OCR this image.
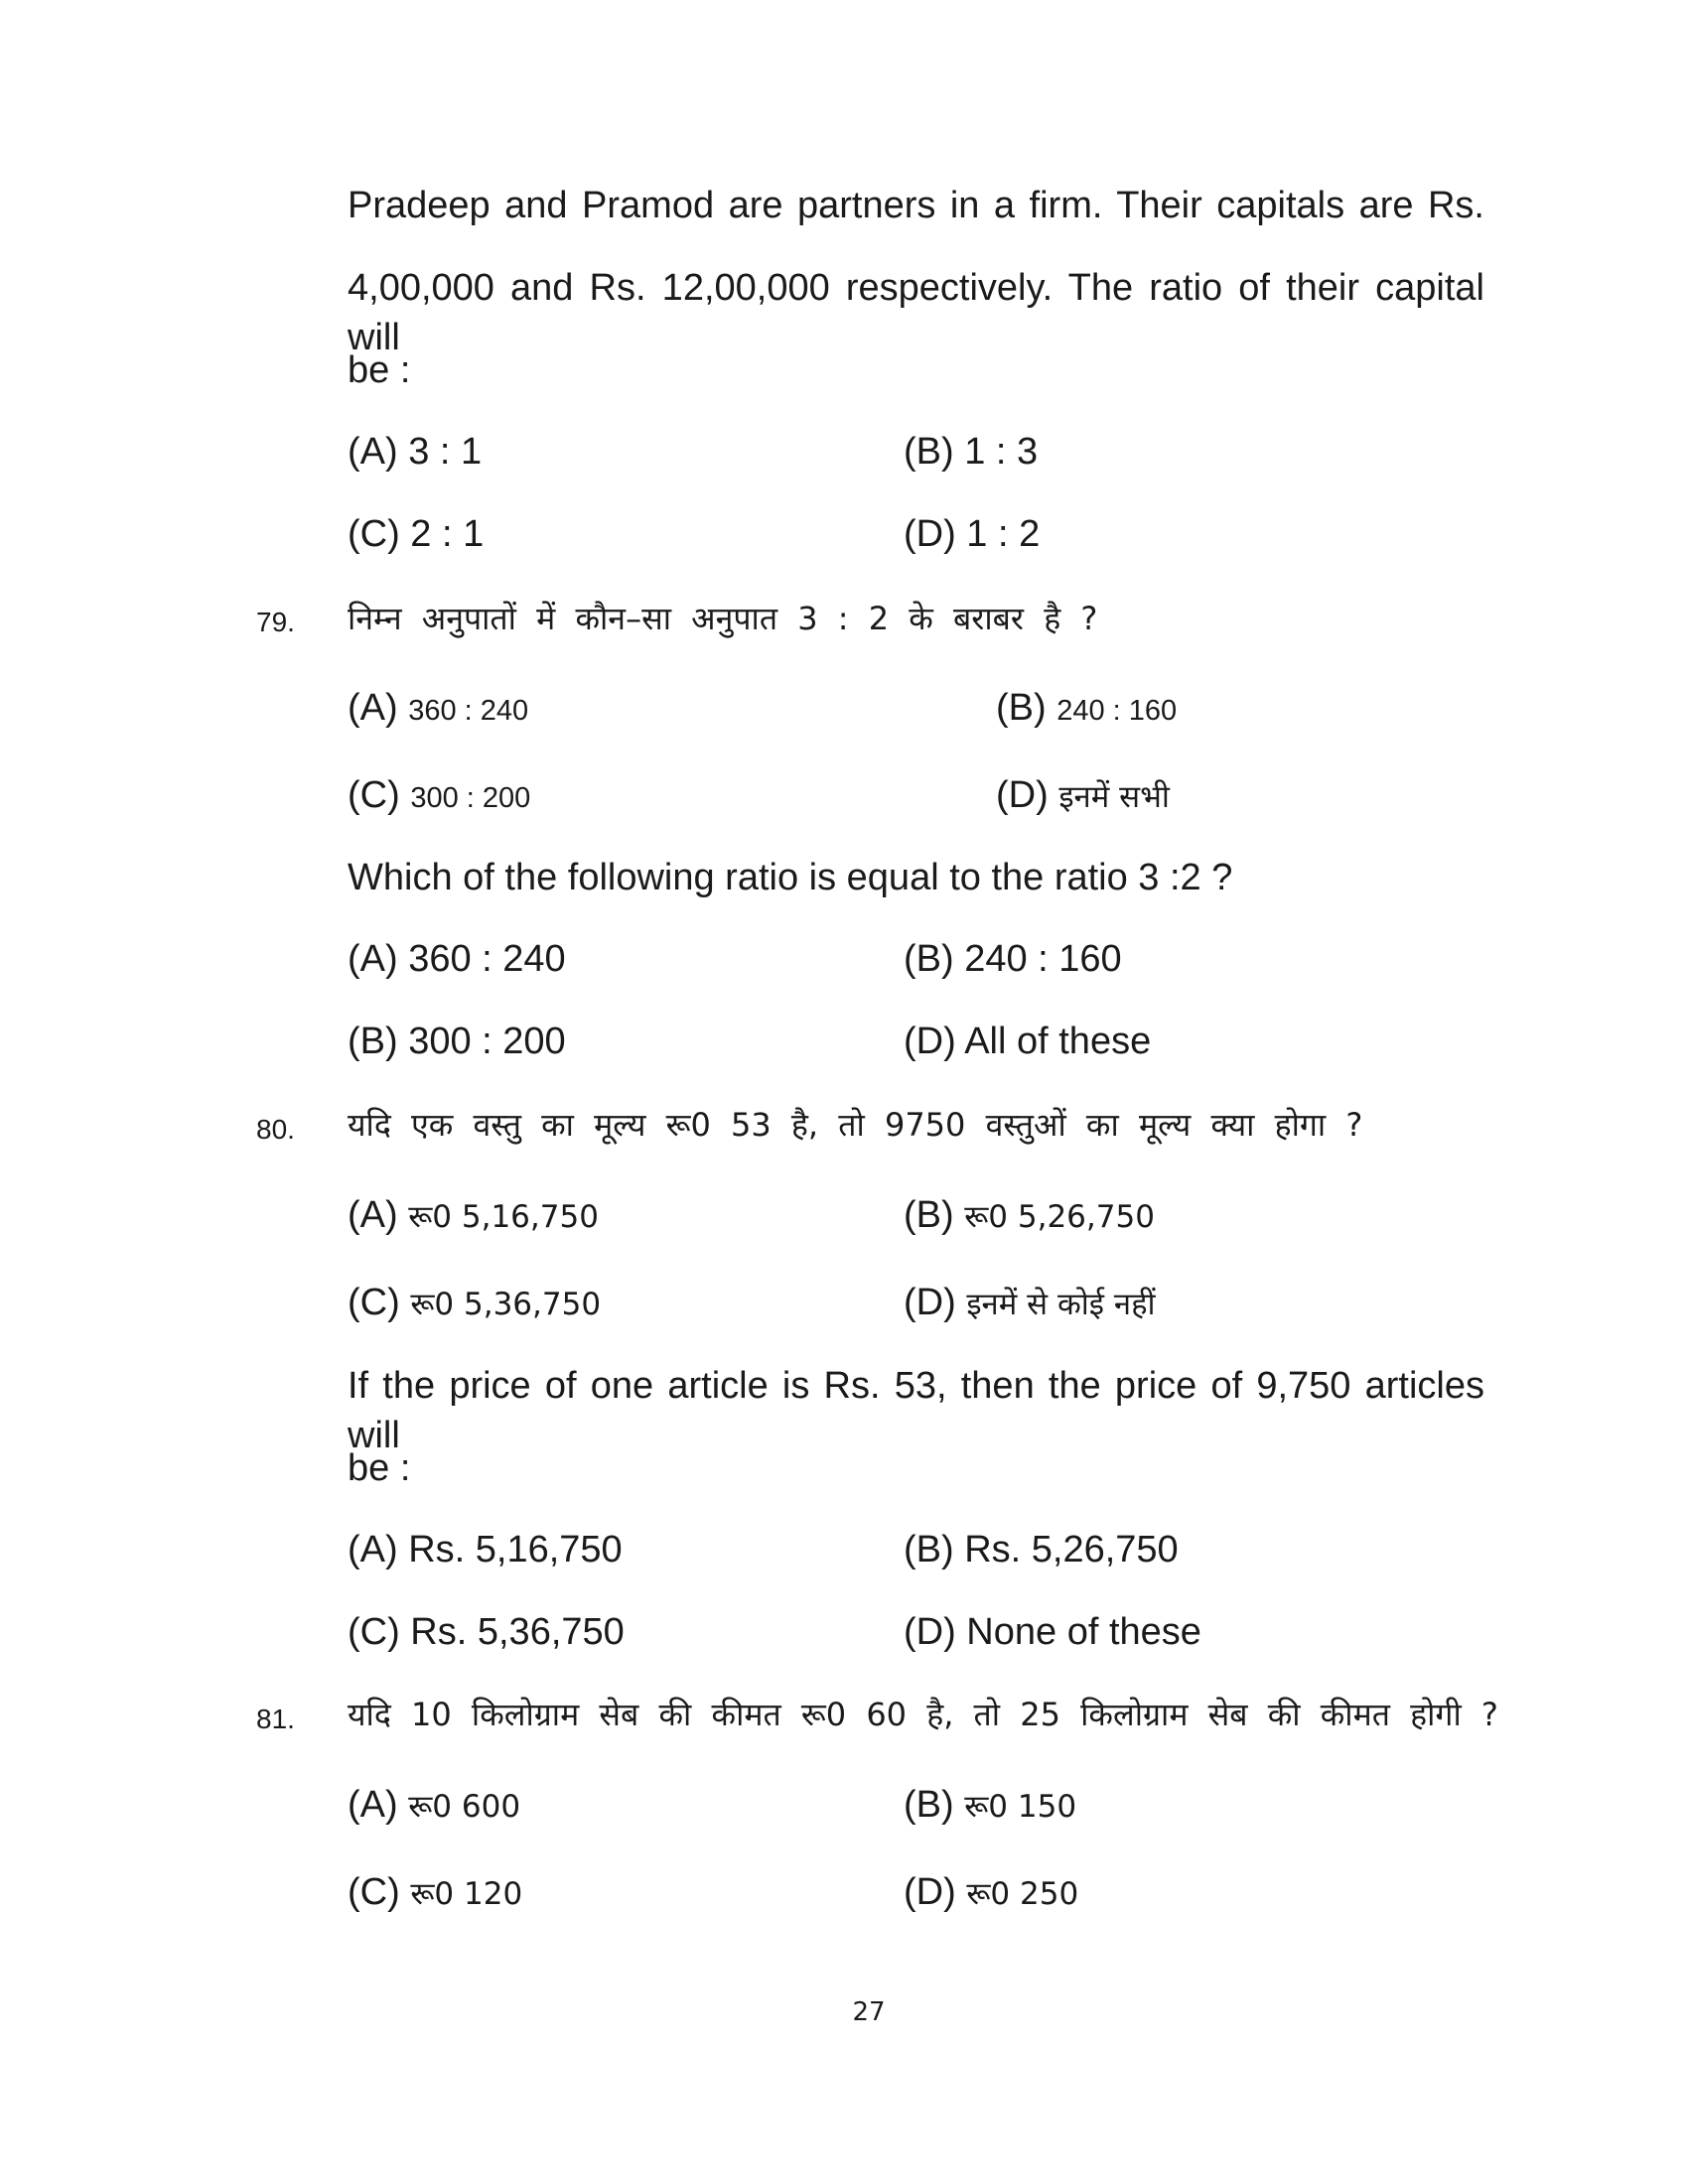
Pradeep and Pramod are partners in a firm. Their capitals are Rs.
4,00,000 and Rs. 12,00,000 respectively. The ratio of their capital will
be :
(A) 3 : 1	(B) 1 : 3
(C) 2 : 1	(D) 1 : 2
79. निम्न अनुपातों में कौन–सा अनुपात 3 : 2 के बराबर है ?
(A) 360 : 240	(B) 240 : 160
(C) 300 : 200	(D) इनमें सभी
Which of the following ratio is equal to the ratio 3 :2 ?
(A) 360 : 240	(B) 240 : 160
(B) 300 : 200	(D) All of these
80. यदि एक वस्तु का मूल्य रू0 53 है, तो 9750 वस्तुओं का मूल्य क्या होगा ?
(A) रू0 5,16,750	(B) रू0 5,26,750
(C) रू0 5,36,750	(D) इनमें से कोई नहीं
If the price of one article is Rs. 53, then the price of 9,750 articles will
be :
(A) Rs. 5,16,750	(B) Rs. 5,26,750
(C) Rs. 5,36,750	(D) None of these
81. यदि 10 किलोग्राम सेब की कीमत रू0 60 है, तो 25 किलोग्राम सेब की कीमत होगी ?
(A) रू0 600	(B) रू0 150
(C) रू0 120	(D) रू0 250
27
